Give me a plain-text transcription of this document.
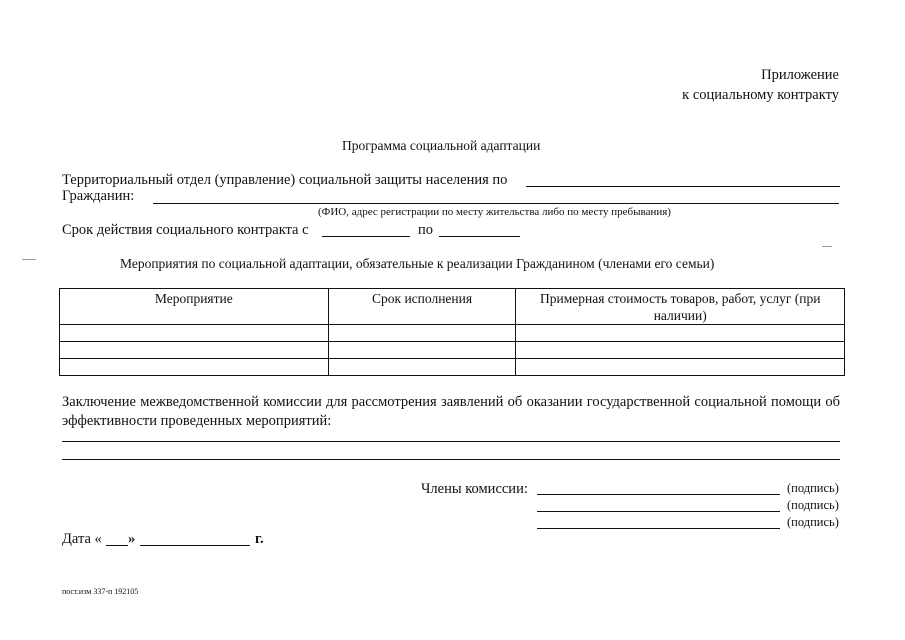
Приложение
к социальному контракту
Программа социальной адаптации
Территориальный отдел (управление) социальной защиты населения по
Гражданин:
(ФИО, адрес регистрации по месту жительства либо по месту пребывания)
Срок действия социального контракта с	по
Мероприятия по социальной адаптации, обязательные к реализации Гражданином (членами его семьи)
Мероприятие	Срок исполнения	Примерная стоимость товаров, работ, услуг (при наличии)

Заключение межведомственной комиссии для рассмотрения заявлений об оказании государственной социальной помощи об эффективности проведенных мероприятий:
Члены комиссии:	(подпись)
(подпись)
(подпись)
Дата « »	г.
пост.изм 337-п 192105
